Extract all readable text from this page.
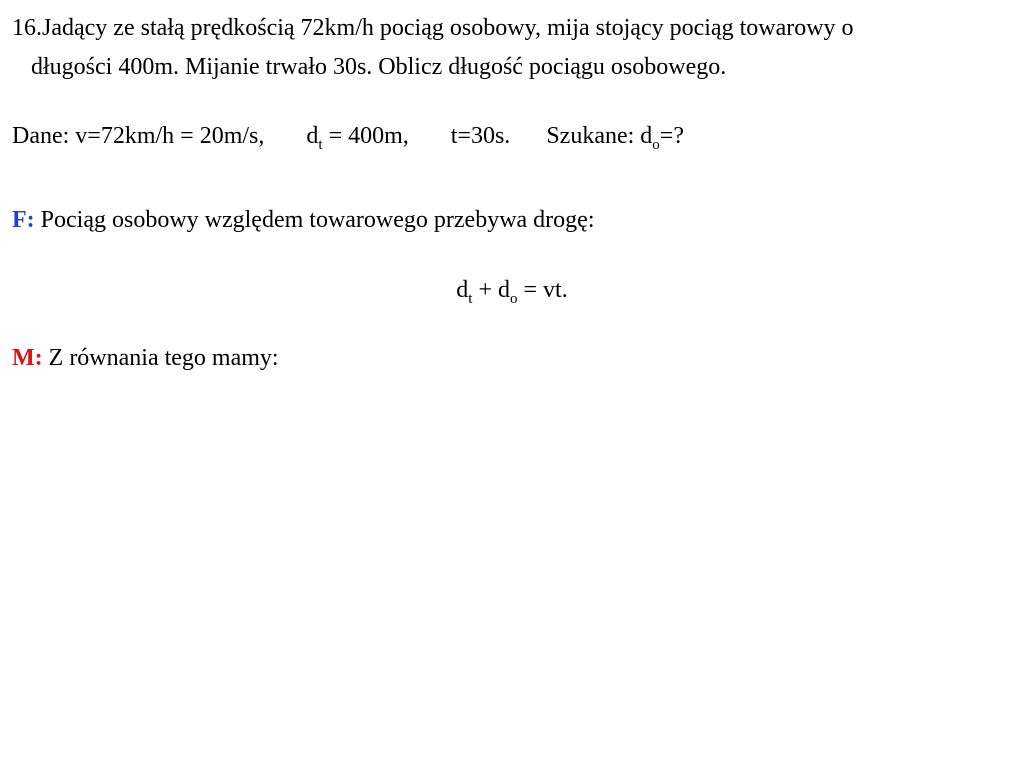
16.Jadący ze stałą prędkością 72km/h pociąg osobowy, mija stojący pociąg towarowy o
długości 400m. Mijanie trwało 30s. Oblicz długość pociągu osobowego.
Dane: v=72km/h = 20m/s, $d_t = 400m$, t=30s. Szukane: $d_o=$?
F: Pociąg osobowy względem towarowego przebywa drogę:
$d_t + d_o$ = vt.
M: Z równania tego mamy:
